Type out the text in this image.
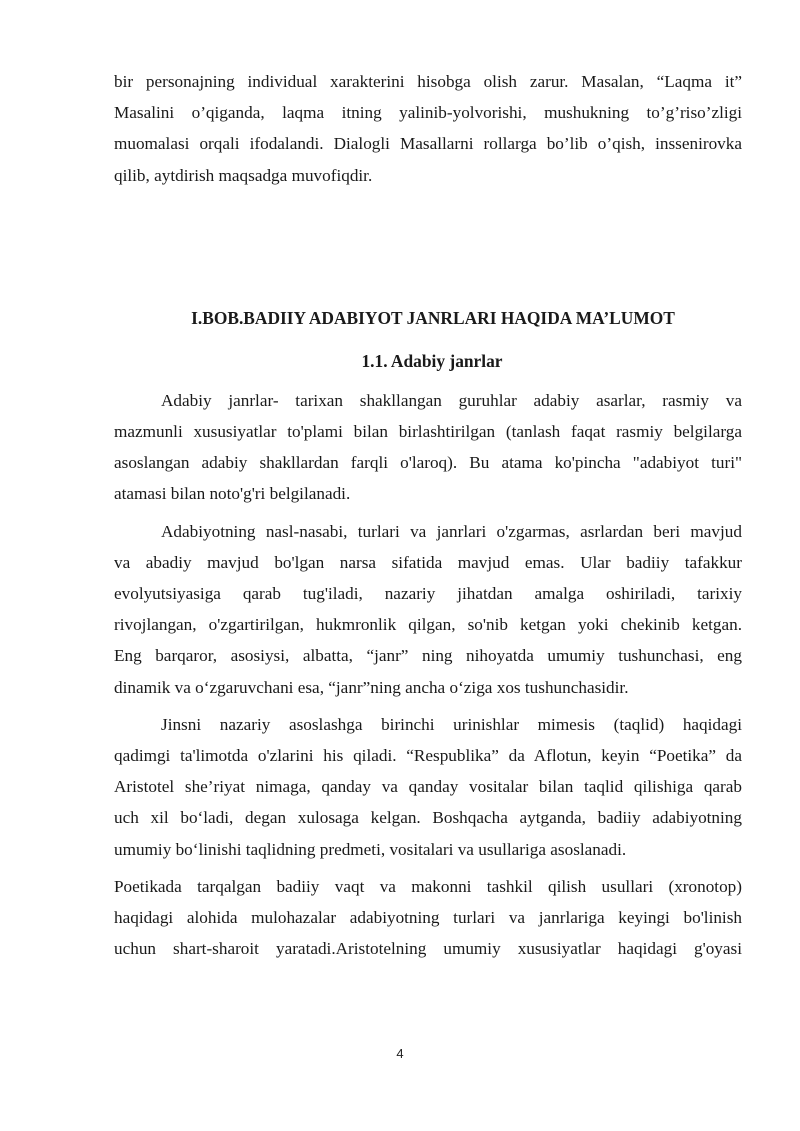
bir personajning individual xarakterini hisobga olish zarur. Masalan, “Laqma it”
Masalini o’qiganda, laqma itning yalinib-yolvorishi, mushukning to’g’riso’zligi
muomalasi orqali ifodalandi. Dialogli Masallarni rollarga bo’lib o’qish, inssenirovka
qilib, aytdirish maqsadga muvofiqdir.

I.BOB.BADIIY ADABIYOT JANRLARI HAQIDA MA’LUMOT
1.1. Adabiy janrlar

Adabiy janrlar- tarixan shakllangan guruhlar adabiy asarlar, rasmiy va
mazmunli xususiyatlar to'plami bilan birlashtirilgan (tanlash faqat rasmiy belgilarga
asoslangan adabiy shakllardan farqli o'laroq). Bu atama ko'pincha "adabiyot turi"
atamasi bilan noto'g'ri belgilanadi.

Adabiyotning nasl-nasabi, turlari va janrlari o'zgarmas, asrlardan beri mavjud
va abadiy mavjud bo'lgan narsa sifatida mavjud emas. Ular badiiy tafakkur
evolyutsiyasiga qarab tug'iladi, nazariy jihatdan amalga oshiriladi, tarixiy
rivojlangan, o'zgartirilgan, hukmronlik qilgan, so'nib ketgan yoki chekinib ketgan.
Eng barqaror, asosiysi, albatta, “janr” ning nihoyatda umumiy tushunchasi, eng
dinamik va o‘zgaruvchani esa, “janr”ning ancha o‘ziga xos tushunchasidir.

Jinsni nazariy asoslashga birinchi urinishlar mimesis (taqlid) haqidagi
qadimgi ta'limotda o'zlarini his qiladi. “Respublika” da Aflotun, keyin “Poetika” da
Aristotel she’riyat nimaga, qanday va qanday vositalar bilan taqlid qilishiga qarab
uch xil bo‘ladi, degan xulosaga kelgan. Boshqacha aytganda, badiiy adabiyotning
umumiy bo‘linishi taqlidning predmeti, vositalari va usullariga asoslanadi.

Poetikada tarqalgan badiiy vaqt va makonni tashkil qilish usullari (xronotop)
haqidagi alohida mulohazalar adabiyotning turlari va janrlariga keyingi bo'linish
uchun shart-sharoit yaratadi.Aristotelning umumiy xususiyatlar haqidagi g'oyasi

4
